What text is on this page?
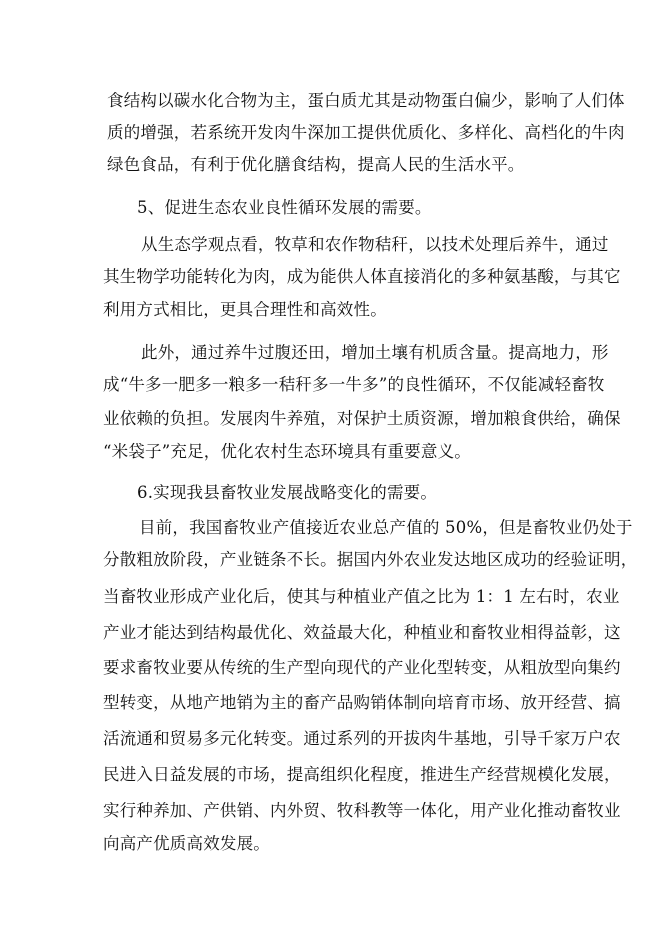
食结构以碳水化合物为主，蛋白质尤其是动物蛋白偏少，影响了人们体
质的增强，若系统开发肉牛深加工提供优质化、多样化、高档化的牛肉
绿色食品，有利于优化膳食结构，提高人民的生活水平。
5、促进生态农业良性循环发展的需要。
从生态学观点看，牧草和农作物秸秆，以技术处理后养牛，通过
其生物学功能转化为肉，成为能供人体直接消化的多种氨基酸，与其它
利用方式相比，更具合理性和高效性。
此外，通过养牛过腹还田，增加土壤有机质含量。提高地力，形
成“牛多一肥多一粮多一秸秆多一牛多”的良性循环，不仅能减轻畜牧
业依赖的负担。发展肉牛养殖，对保护土质资源，增加粮食供给，确保
“米袋子”充足，优化农村生态环境具有重要意义。
6.实现我县畜牧业发展战略变化的需要。
目前，我国畜牧业产值接近农业总产值的 50%，但是畜牧业仍处于
分散粗放阶段，产业链条不长。据国内外农业发达地区成功的经验证明，
当畜牧业形成产业化后，使其与种植业产值之比为 1：1 左右时，农业
产业才能达到结构最优化、效益最大化，种植业和畜牧业相得益彰，这
要求畜牧业要从传统的生产型向现代的产业化型转变，从粗放型向集约
型转变，从地产地销为主的畜产品购销体制向培育市场、放开经营、搞
活流通和贸易多元化转变。通过系列的开拔肉牛基地，引导千家万户农
民进入日益发展的市场，提高组织化程度，推进生产经营规模化发展，
实行种养加、产供销、内外贸、牧科教等一体化，用产业化推动畜牧业
向高产优质高效发展。
